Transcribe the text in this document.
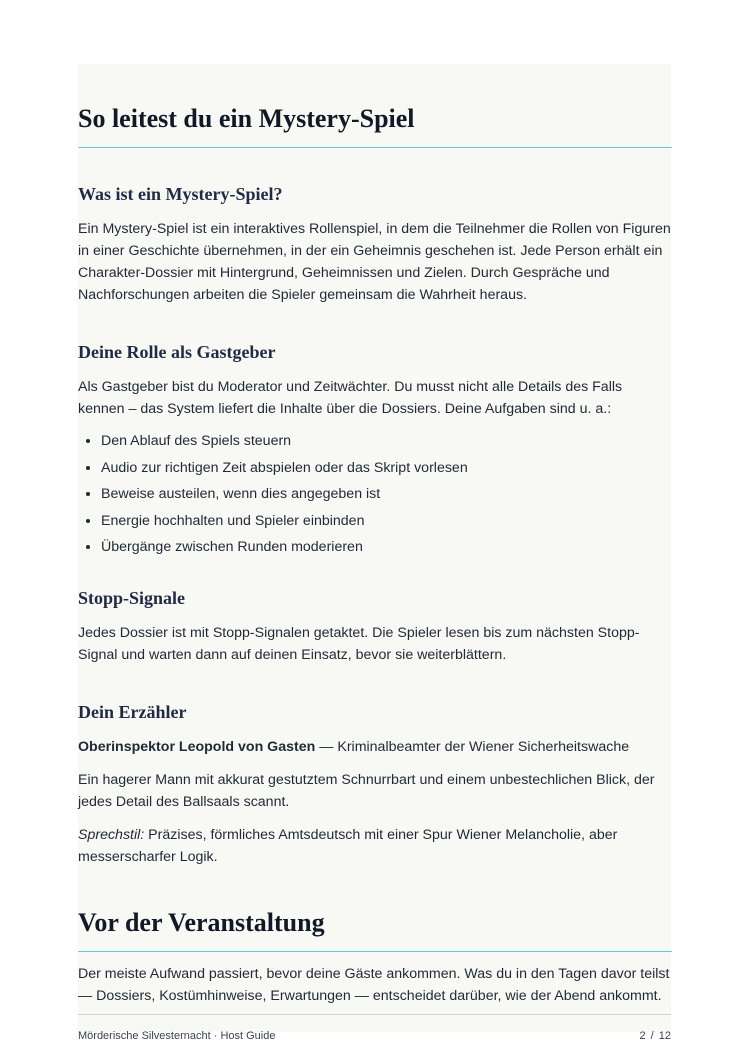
So leitest du ein Mystery-Spiel
Was ist ein Mystery-Spiel?

Ein Mystery-Spiel ist ein interaktives Rollenspiel, in dem die Teilnehmer die Rollen von Figuren in einer Geschichte übernehmen, in der ein Geheimnis geschehen ist. Jede Person erhält ein Charakter-Dossier mit Hintergrund, Geheimnissen und Zielen. Durch Gespräche und Nachforschungen arbeiten die Spieler gemeinsam die Wahrheit heraus.

Deine Rolle als Gastgeber

Als Gastgeber bist du Moderator und Zeitwächter. Du musst nicht alle Details des Falls kennen – das System liefert die Inhalte über die Dossiers. Deine Aufgaben sind u. a.:

• Den Ablauf des Spiels steuern
• Audio zur richtigen Zeit abspielen oder das Skript vorlesen
• Beweise austeilen, wenn dies angegeben ist
• Energie hochhalten und Spieler einbinden
• Übergänge zwischen Runden moderieren
Stopp-Signale

Jedes Dossier ist mit Stopp-Signalen getaktet. Die Spieler lesen bis zum nächsten Stopp-Signal und warten dann auf deinen Einsatz, bevor sie weiterblättern.

Dein Erzähler

Oberinspektor Leopold von Gasten — Kriminalbeamter der Wiener Sicherheitswache

Ein hagerer Mann mit akkurat gestutztem Schnurrbart und einem unbestechlichen Blick, der jedes Detail des Ballsaals scannt.

Sprechstil: Präzises, förmliches Amtsdeutsch mit einer Spur Wiener Melancholie, aber messerscharfer Logik.

Vor der Veranstaltung

Der meiste Aufwand passiert, bevor deine Gäste ankommen. Was du in den Tagen davor teilst — Dossiers, Kostümhinweise, Erwartungen — entscheidet darüber, wie der Abend ankommt.

Mörderische Silvesternacht · Host Guide	2 / 12
